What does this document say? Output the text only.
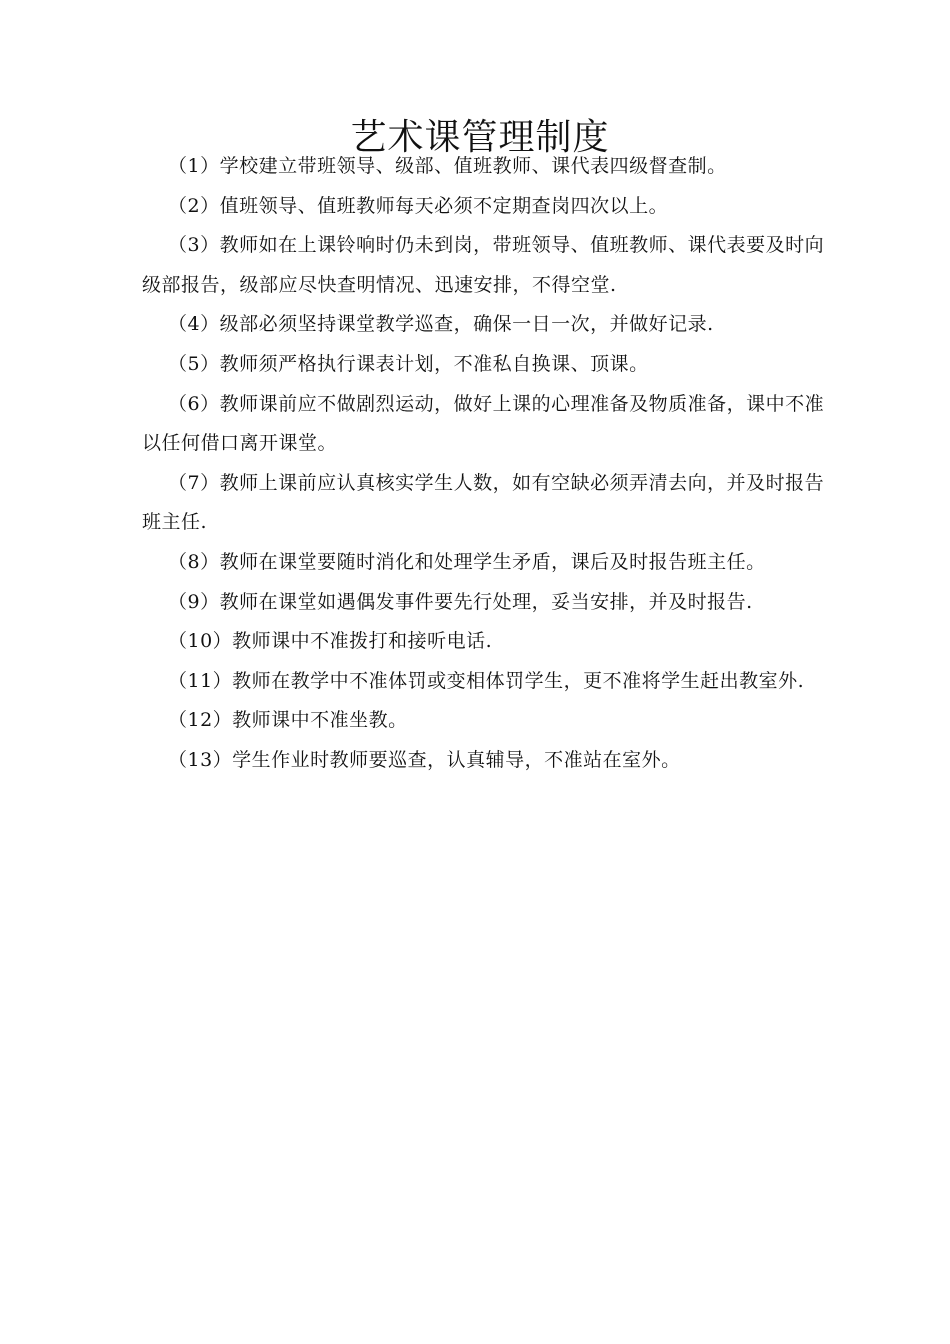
艺术课管理制度

（1）学校建立带班领导、级部、值班教师、课代表四级督查制。

（2）值班领导、值班教师每天必须不定期查岗四次以上。

（3）教师如在上课铃响时仍未到岗，带班领导、值班教师、课代表要及时向级部报告，级部应尽快查明情况、迅速安排，不得空堂.

（4）级部必须坚持课堂教学巡查，确保一日一次，并做好记录.

（5）教师须严格执行课表计划，不准私自换课、顶课。

（6）教师课前应不做剧烈运动，做好上课的心理准备及物质准备，课中不准以任何借口离开课堂。

（7）教师上课前应认真核实学生人数，如有空缺必须弄清去向，并及时报告班主任.

（8）教师在课堂要随时消化和处理学生矛盾，课后及时报告班主任。

（9）教师在课堂如遇偶发事件要先行处理，妥当安排，并及时报告.

（10）教师课中不准拨打和接听电话.

（11）教师在教学中不准体罚或变相体罚学生，更不准将学生赶出教室外.

（12）教师课中不准坐教。

（13）学生作业时教师要巡查，认真辅导，不准站在室外。
